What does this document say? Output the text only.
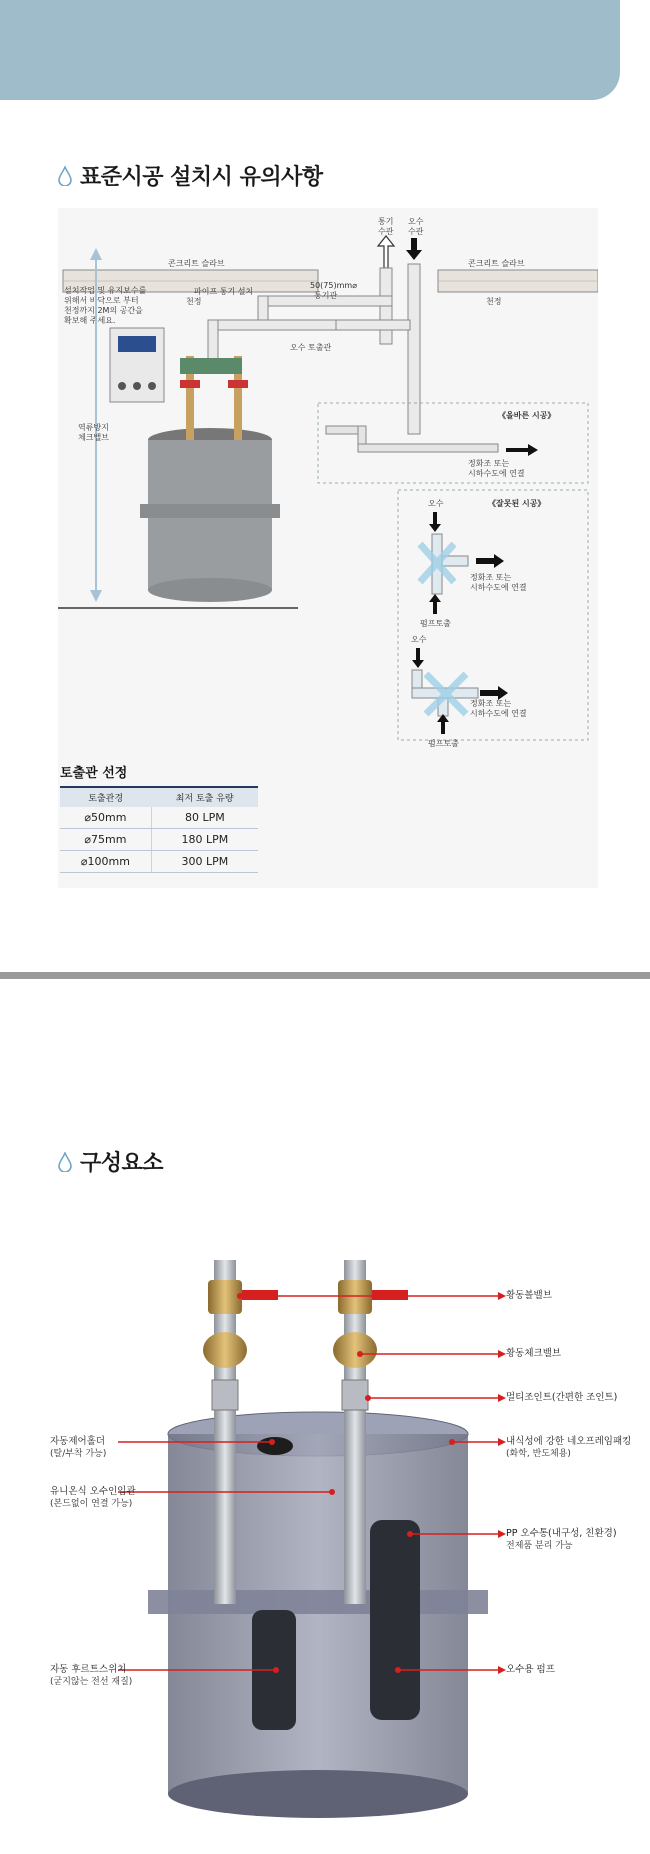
표준시공 설치시 유의사항
콘크리트 슬라브
천정
콘크리트 슬라브
천정
통기
수관
오수
수관
파이프 통기 설치
50(75)mm⌀
통기관
오수 토출관
설치작업 및 유지보수를
위해서 바닥으로 부터
천정까지 2M의 공간을
확보해 주세요.
역류방지
체크밸브
《올바른 시공》
정화조 또는
시하수도에 연결
《잘못된 시공》
오수
정화조 또는
시하수도에 연결
펌프토출
오수
정화조 또는
시하수도에 연결
펌프토출
토출관 선정
토출관경	최저 토출 유량
⌀50mm	80 LPM
⌀75mm	180 LPM
⌀100mm	300 LPM
구성요소
황동볼밸브
황동체크밸브
멀티조인트(간편한 조인트)
내식성에 강한 네오프레임패킹
(화학, 반도체용)
PP 오수통(내구성, 친환경)
전제품 분리 가능
오수용 펌프
자동제어홀더
(탈/부착 가능)
유니온식 오수인입관
(본드없이 연결 가능)
자동 후르트스위치
(굳지않는 전선 재질)
